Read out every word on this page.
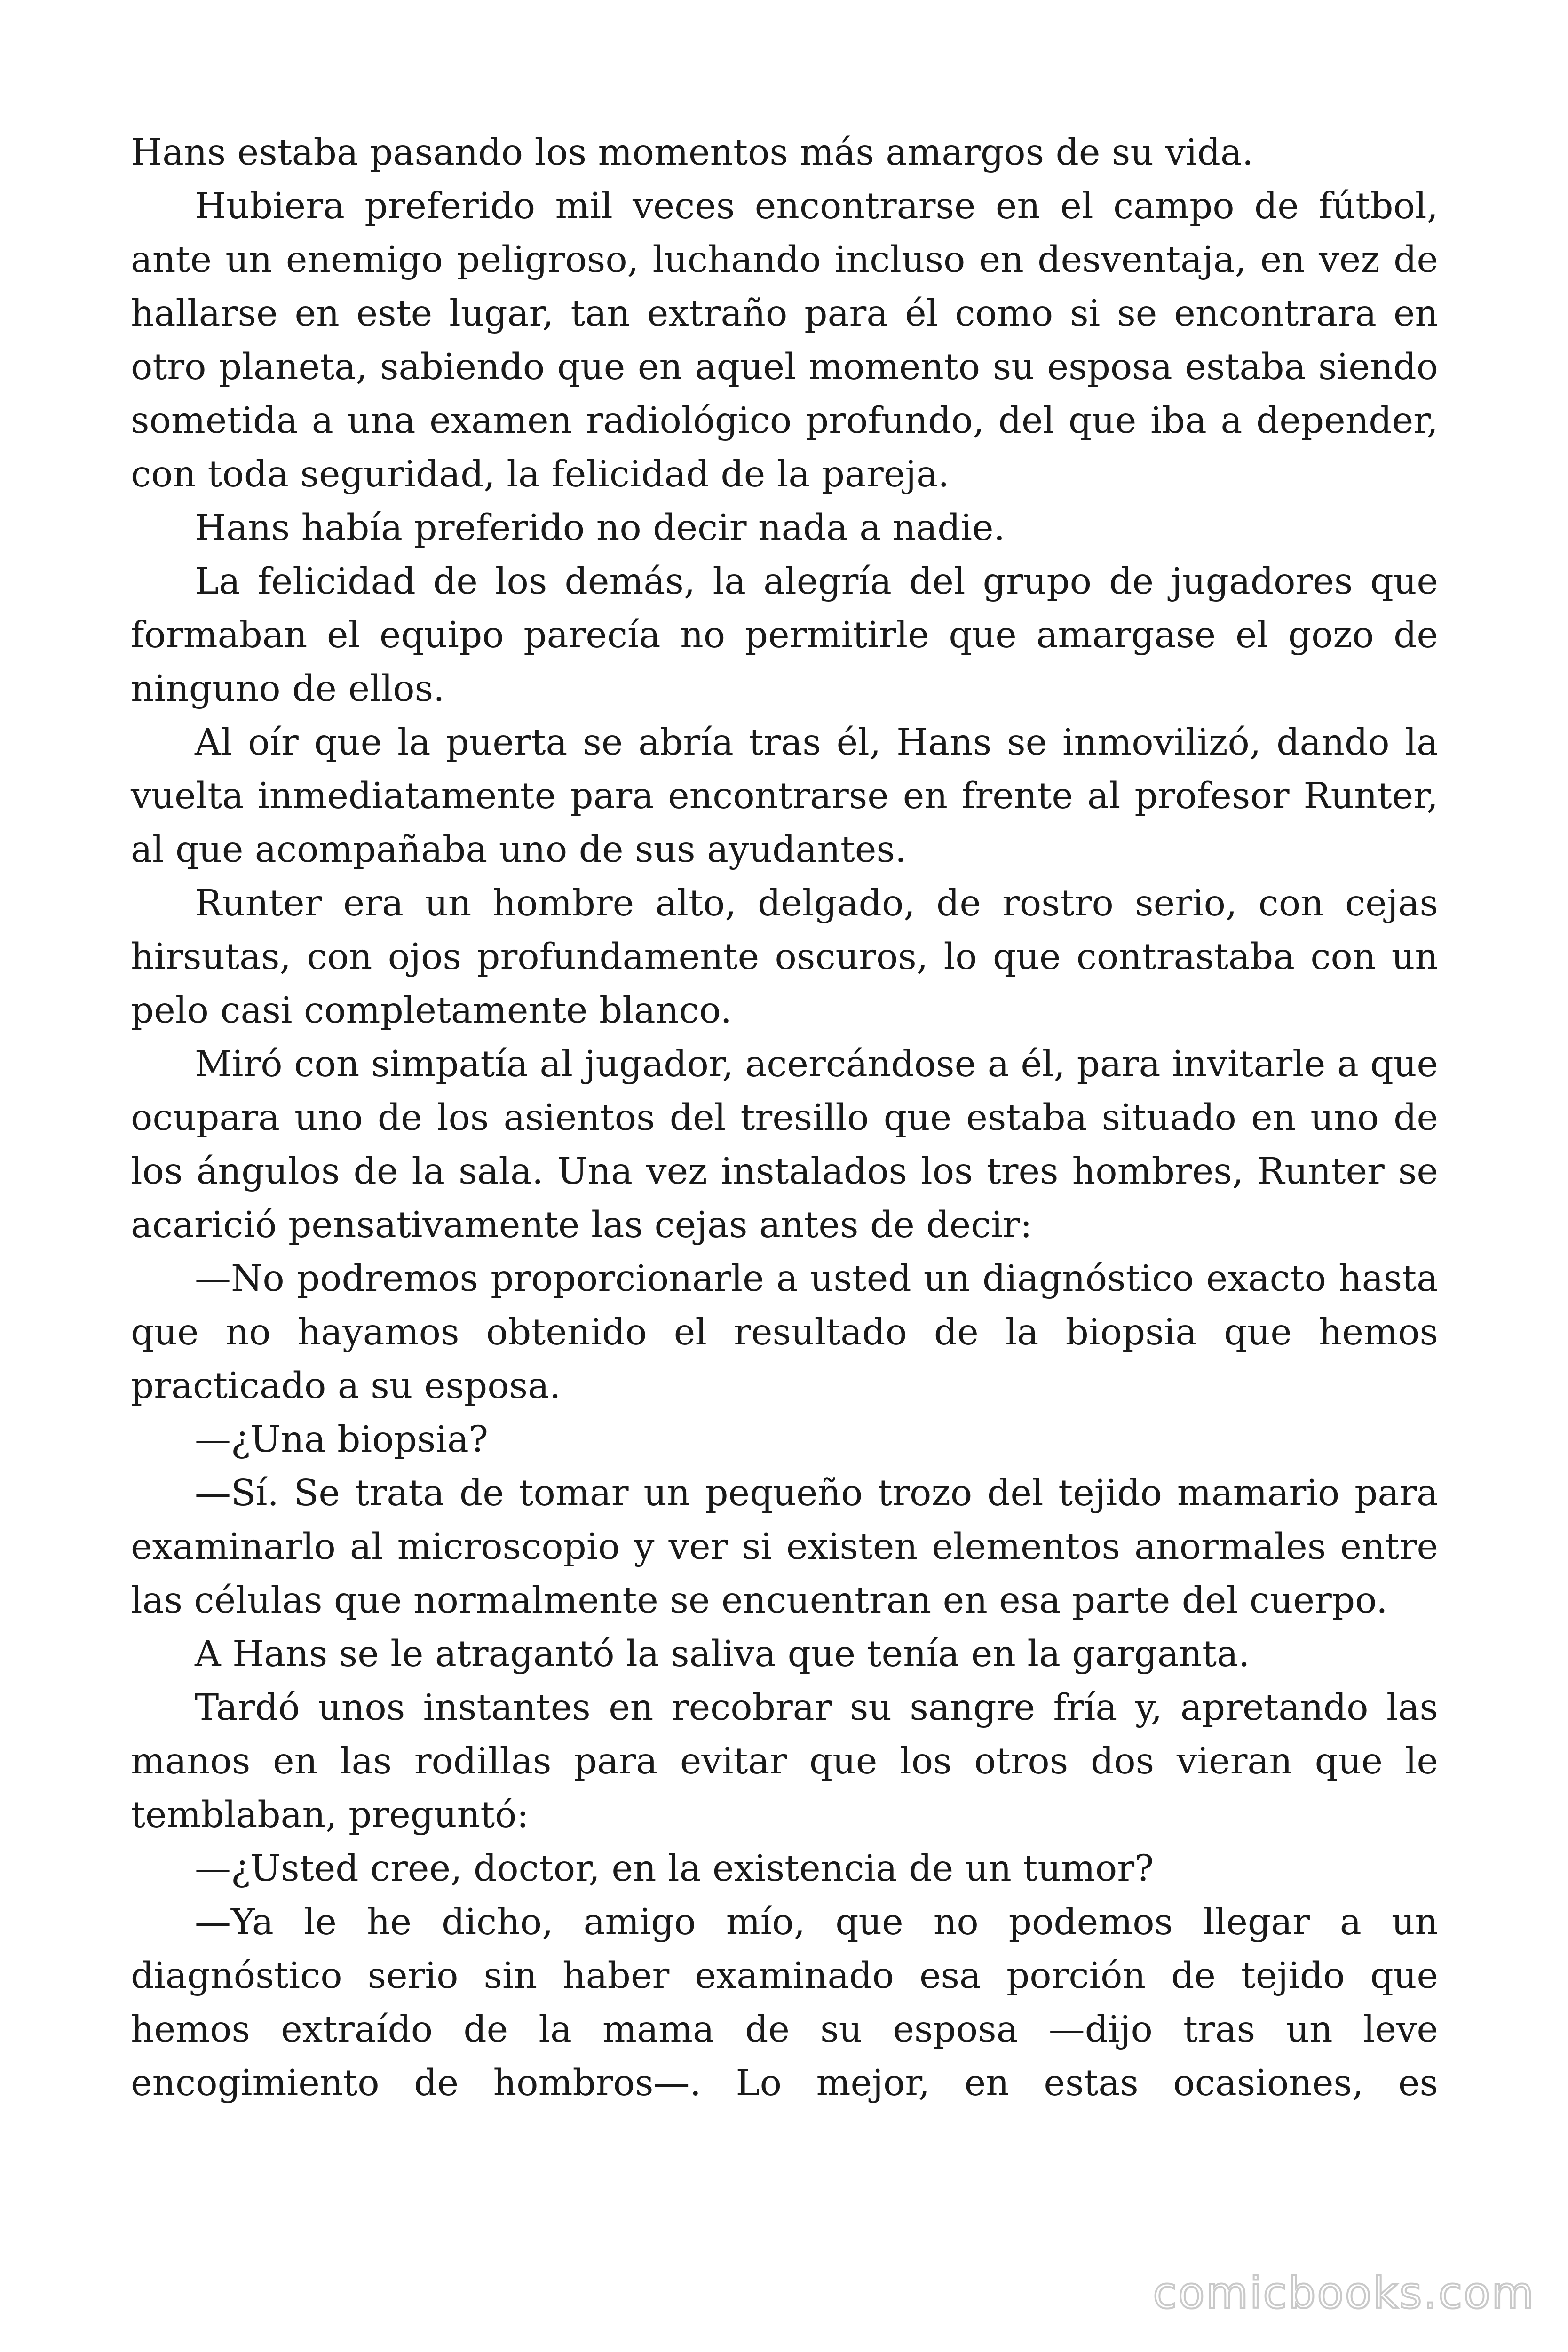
Hans estaba pasando los momentos más amargos de su vida.

Hubiera preferido mil veces encontrarse en el campo de fútbol, ante un enemigo peligroso, luchando incluso en desventaja, en vez de hallarse en este lugar, tan extraño para él como si se encontrara en otro planeta, sabiendo que en aquel momento su esposa estaba siendo sometida a una examen radiológico profundo, del que iba a depender, con toda seguridad, la felicidad de la pareja.

Hans había preferido no decir nada a nadie.

La felicidad de los demás, la alegría del grupo de jugadores que formaban el equipo parecía no permitirle que amargase el gozo de ninguno de ellos.

Al oír que la puerta se abría tras él, Hans se inmovilizó, dando la vuelta inmediatamente para encontrarse en frente al profesor Runter, al que acompañaba uno de sus ayudantes.

Runter era un hombre alto, delgado, de rostro serio, con cejas hirsutas, con ojos profundamente oscuros, lo que contrastaba con un pelo casi completamente blanco.

Miró con simpatía al jugador, acercándose a él, para invitarle a que ocupara uno de los asientos del tresillo que estaba situado en uno de los ángulos de la sala. Una vez instalados los tres hombres, Runter se acarició pensativamente las cejas antes de decir:

—No podremos proporcionarle a usted un diagnóstico exacto hasta que no hayamos obtenido el resultado de la biopsia que hemos practicado a su esposa.

—¿Una biopsia?

—Sí. Se trata de tomar un pequeño trozo del tejido mamario para examinarlo al microscopio y ver si existen elementos anormales entre las células que normalmente se encuentran en esa parte del cuerpo.

A Hans se le atragantó la saliva que tenía en la garganta.

Tardó unos instantes en recobrar su sangre fría y, apretando las manos en las rodillas para evitar que los otros dos vieran que le temblaban, preguntó:

—¿Usted cree, doctor, en la existencia de un tumor?

—Ya le he dicho, amigo mío, que no podemos llegar a un diagnóstico serio sin haber examinado esa porción de tejido que hemos extraído de la mama de su esposa —dijo tras un leve encogimiento de hombros—. Lo mejor, en estas ocasiones, es

comicbooks.com
